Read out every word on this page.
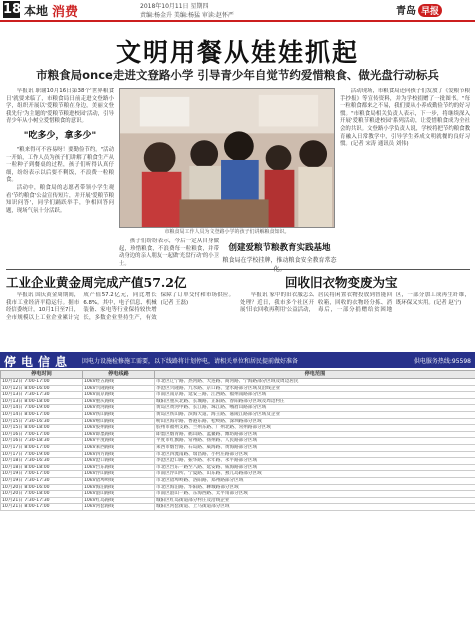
18 本地 消费	2018年10月11日 星期四
责编:杨金升 美编:杨猛 审读:赵怀严	青岛 早报
文明用餐从娃娃抓起
市粮食局once走进文登路小学 引导青少年自觉节约爱惜粮食、做光盘行动标兵

早报讯 职谢10月16日第38个'世界粮食日'就要来临了，市粮食局日前走进文登路小学，组织开展以'爱粮节粮在身边，美丽文登我先行'为主题的'爱粮节粮进校园'活动，引导青少年从小树立爱惜粮食的意识。

"吃多少，拿多少"

"粮来得可不容易呀！要勤俭节约。"活动一开始，工作人员为孩子们讲解了粮食生产从一粒种子到餐桌的过程，孩子们听得认真仔细，纷纷表示以后要不剩饭，不浪费一粒粮食。

活动中，粮食局的志愿者带领小学生观看'节约粮食'公益宣传短片，并开展'爱粮节粮知识问答'，同学们踊跃举手，争相回答问题，现场气氛十分活跃。

市粮食局工作人员为文登路小学的孩子们讲解粮食知识。

孩子们纷纷表示，今后一定从自身做起，珍惜粮食，不浪费每一粒粮食，并带动身边的亲人朋友一起做'光盘行动'的小卫士。

创建爱粮节粮教育实践基地
粮食局在学校挂牌，推动粮食安全教育常态

活动现场，市粮食局还向孩子们发放了《爱粮节粮手抄报》等宣传资料，并为学校捐赠了一批图书。"每一粒粮食都来之不易，我们要从小养成勤俭节约的好习惯。"市粮食局相关负责人表示，下一步，将继续深入开展'爱粮节粮进校园'系列活动，让爱惜粮食成为全社会的共识。文登路小学负责人说，学校将把节约粮食教育融入日常教学中，引导学生养成文明就餐的良好习惯。(记者 宋涛 通讯员 刘伟)

工业企业黄金周完成产值57.2亿

早报讯 国庆黄金周期间，我市工业经济平稳运行。据市经信委统计，10月1日至7日，全市规模以上工业企业累计完成产值57.2亿元，同比增长6.8%。其中，电子信息、机械装备、家电等行业保持较快增长，多数企业坚持生产，有效保障了订单交付和市场供应。(记者 王磊)

回收旧衣物变废为宝

早报讯 家中的旧衣服怎么处理？近日，我市多个社区开展'旧衣回收再利用'公益活动，居民将闲置衣物投放到智能回收箱，回收的衣物经分拣、消毒后，一部分捐赠给贫困地区，一部分加工成再生纤维，既环保又实用。(记者 赵宁)

停电信息 因电力设施检修施工需要，以下线路将计划停电，请相关单位和居民提前做好准备	供电服务热线:95598
停电时间	停电线路	停电范围
10月12日 7:00-17:00	10kV经五路线	市北区辽宁路、热河路、大连路、商河路、宁海路部分区域及周边居民
10月12日 8:00-16:00	10kV兴隆路线	李沧区兴隆路、九水路、京口路、金水路部分区域及沿线企业
10月13日 7:30-17:30	10kV南京路线	市南区南京路、延安三路、江西路、福州南路部分区域
10月13日 8:00-18:00	10kV重庆路线	城阳区重庆北路、长城路、正阳路、春阳路部分区域及周边村庄
10月14日 7:00-19:00	10kV黄河路线	黄岛区黄河中路、长江路、珠江路、峨眉山路部分区域
10月14日 8:00-17:00	10kV铁山路线	黄岛区铁山路、滨海大道、海王路、嘉陵江路部分区域及企业
10月15日 7:30-16:30	10kV崂山路线	崂山区海尔路、香港东路、松岭路、深圳路部分区域
10月15日 8:00-18:00	10kV胶州路线	胶州市福州支路、兰州东路、广州北路、常州路部分区域
10月16日 7:00-17:00	10kV即墨路线	即墨区烟青路、鹤山路、蓝鳌路、潍坊路部分区域
10月16日 7:30-18:30	10kV平度路线	平度市红旗路、常州路、扬州路、人民路部分区域
10月17日 8:00-17:00	10kV莱西路线	莱西市烟台路、石岛路、威海路、黄海路部分区域
10月17日 7:00-19:00	10kV四方路线	市北区四流南路、瑞昌路、小村庄路部分区域
10月18日 7:30-16:30	10kV沧口路线	李沧区沧口路、振华路、永年路、永平路部分区域
10月18日 8:00-18:00	10kV台东路线	市北区台东一路至八路、延安路、威海路部分区域
10月19日 7:00-17:00	10kV浮山路线	市南区浮山所、宁夏路、山东路、燕儿岛路部分区域
10月19日 7:30-17:30	10kV错埠岭线	市北区错埠岭路、洛阳路、郑州路部分区域
10月20日 8:00-16:00	10kV海泊路线	市北区海泊路、华阳路、聊城路部分区域
10月20日 7:00-18:00	10kV湛山路线	市南区湛山一路、东海西路、太平角部分区域
10月21日 7:30-17:30	10kV红岛路线	城阳区红岛街道部分村庄及沿线企业
10月21日 8:00-17:00	10kV河套路线	城阳区河套街道、上马街道部分区域
